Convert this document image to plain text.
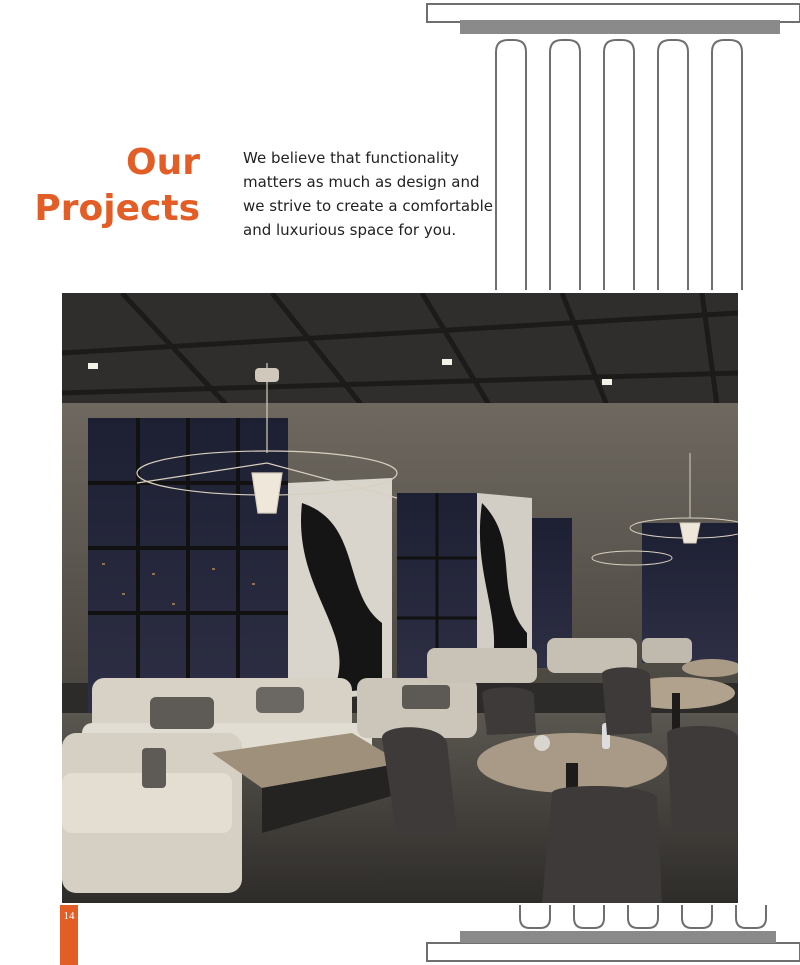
Our
Projects

We believe that functionality
matters as much as design and
we strive to create a comfortable
and luxurious space for you.

14
